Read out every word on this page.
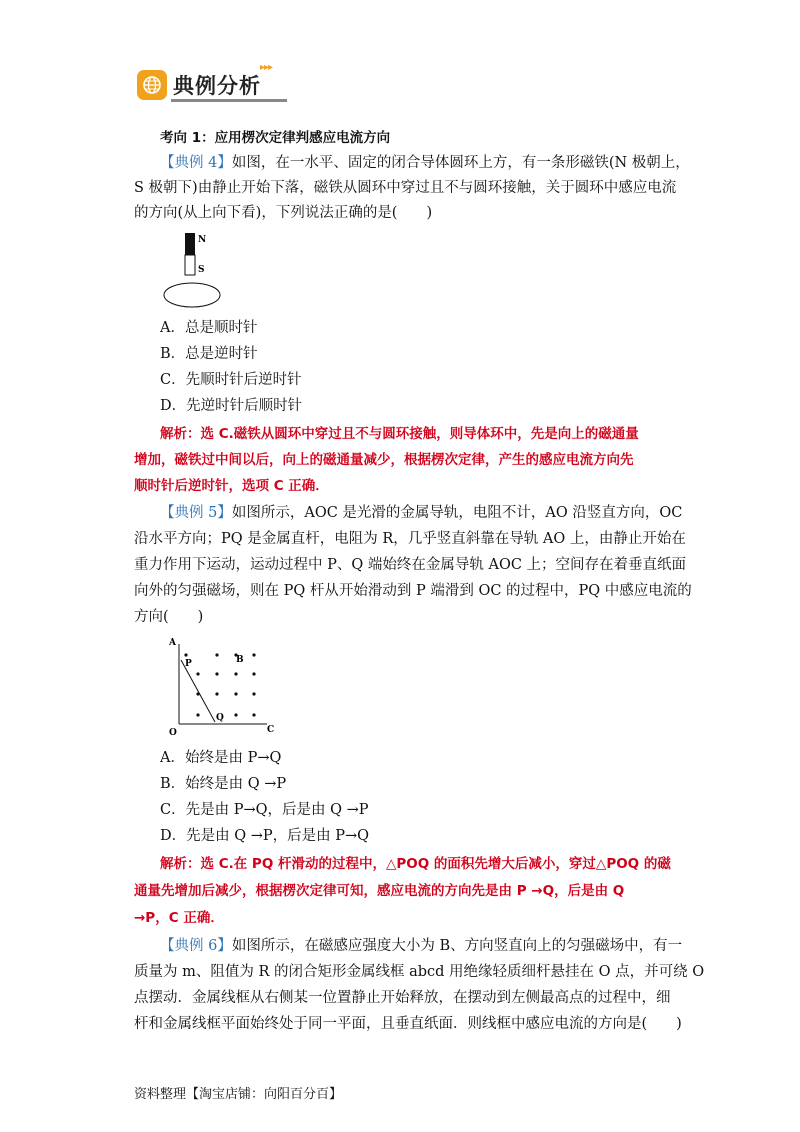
典例分析
▸▸▸
考向 1：应用楞次定律判感应电流方向
【典例 4】如图，在一水平、固定的闭合导体圆环上方，有一条形磁铁(N 极朝上，
S 极朝下)由静止开始下落，磁铁从圆环中穿过且不与圆环接触，关于圆环中感应电流
的方向(从上向下看)，下列说法正确的是(　　)
N
S
A．总是顺时针
B．总是逆时针
C．先顺时针后逆时针
D．先逆时针后顺时针
解析：选 C.磁铁从圆环中穿过且不与圆环接触，则导体环中，先是向上的磁通量
增加，磁铁过中间以后，向上的磁通量减少，根据楞次定律，产生的感应电流方向先
顺时针后逆时针，选项 C 正确．
【典例 5】如图所示，AOC 是光滑的金属导轨，电阻不计，AO 沿竖直方向，OC
沿水平方向；PQ 是金属直杆，电阻为 R，几乎竖直斜靠在导轨 AO 上，由静止开始在
重力作用下运动，运动过程中 P、Q 端始终在金属导轨 AOC 上；空间存在着垂直纸面
向外的匀强磁场，则在 PQ 杆从开始滑动到 P 端滑到 OC 的过程中，PQ 中感应电流的
方向(　　)
A
P	B
Q
O	C
A．始终是由 P→Q
B．始终是由 Q →P
C．先是由 P→Q，后是由 Q →P
D．先是由 Q →P，后是由 P→Q
解析：选 C.在 PQ 杆滑动的过程中，△POQ 的面积先增大后减小，穿过△POQ 的磁
通量先增加后减少，根据楞次定律可知，感应电流的方向先是由 P →Q，后是由 Q
→P，C 正确．
【典例 6】如图所示，在磁感应强度大小为 B、方向竖直向上的匀强磁场中，有一
质量为 m、阻值为 R 的闭合矩形金属线框 abcd 用绝缘轻质细杆悬挂在 O 点，并可绕 O
点摆动．金属线框从右侧某一位置静止开始释放，在摆动到左侧最高点的过程中，细
杆和金属线框平面始终处于同一平面，且垂直纸面．则线框中感应电流的方向是(　　)
资料整理【淘宝店铺：向阳百分百】
